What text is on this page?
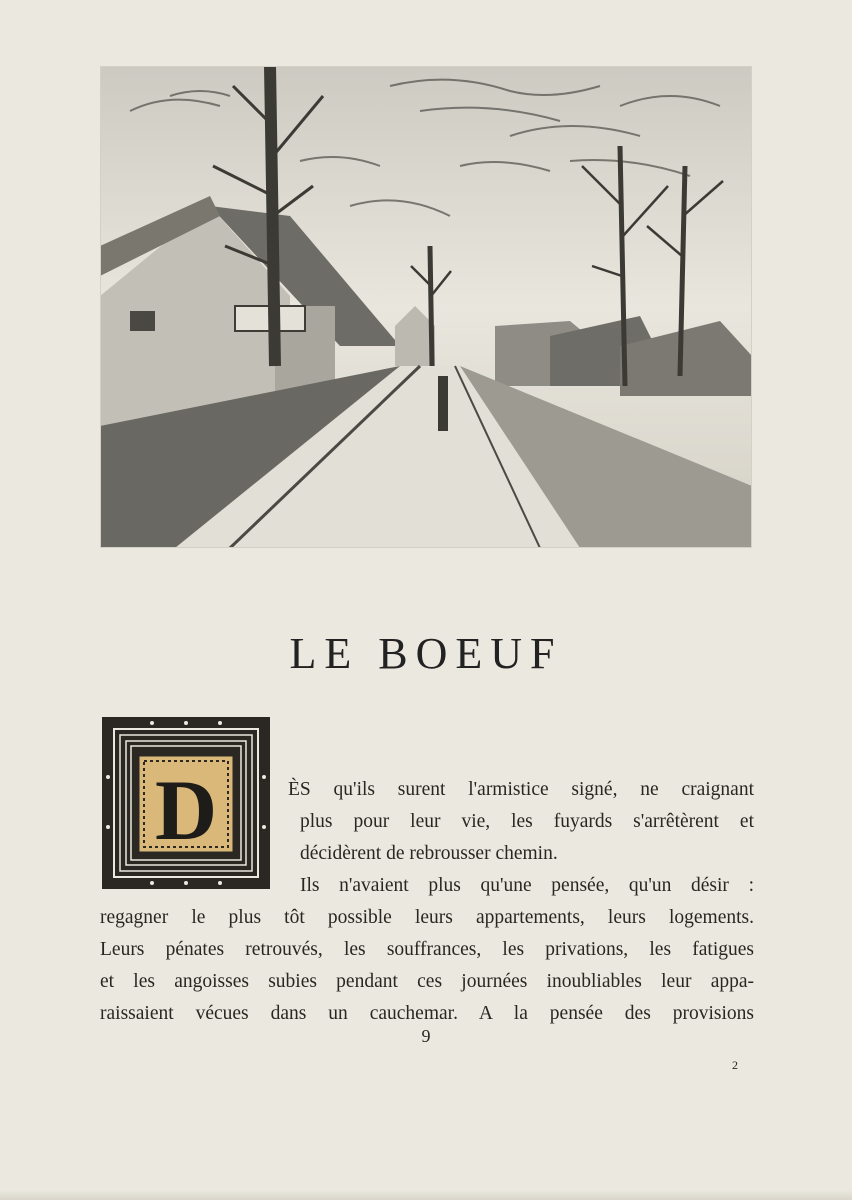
LE BOEUF
D	ÈS qu'ils surent l'armistice signé, ne craignant
plus pour leur vie, les fuyards s'arrêtèrent et
décidèrent de rebrousser chemin.
Ils n'avaient plus qu'une pensée, qu'un désir :
regagner le plus tôt possible leurs appartements, leurs logements.
Leurs pénates retrouvés, les souffrances, les privations, les fatigues
et les angoisses subies pendant ces journées inoubliables leur appa-
raissaient vécues dans un cauchemar. A la pensée des provisions
9
2
